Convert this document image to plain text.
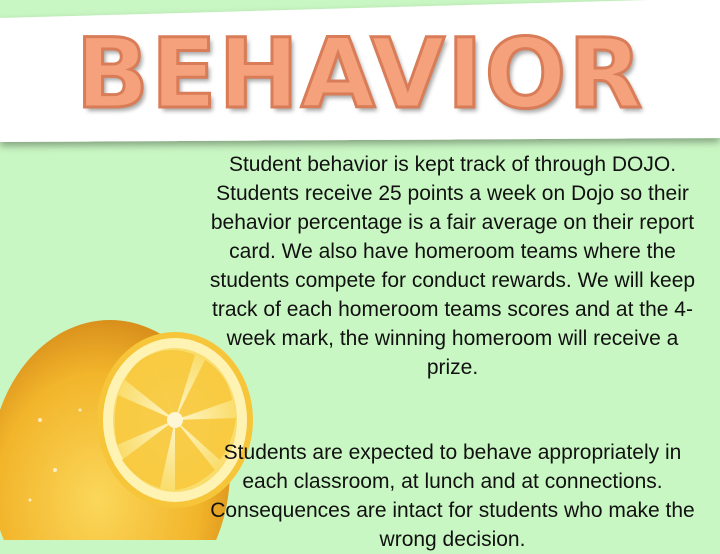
BEHAVIOR

Student behavior is kept track of through DOJO. Students receive 25 points a week on Dojo so their behavior percentage is a fair average on their report card. We also have homeroom teams where the students compete for conduct rewards. We will keep track of each homeroom teams scores and at the 4-week mark, the winning homeroom will receive a prize.

Students are expected to behave appropriately in each classroom, at lunch and at connections. Consequences are intact for students who make the wrong decision.
